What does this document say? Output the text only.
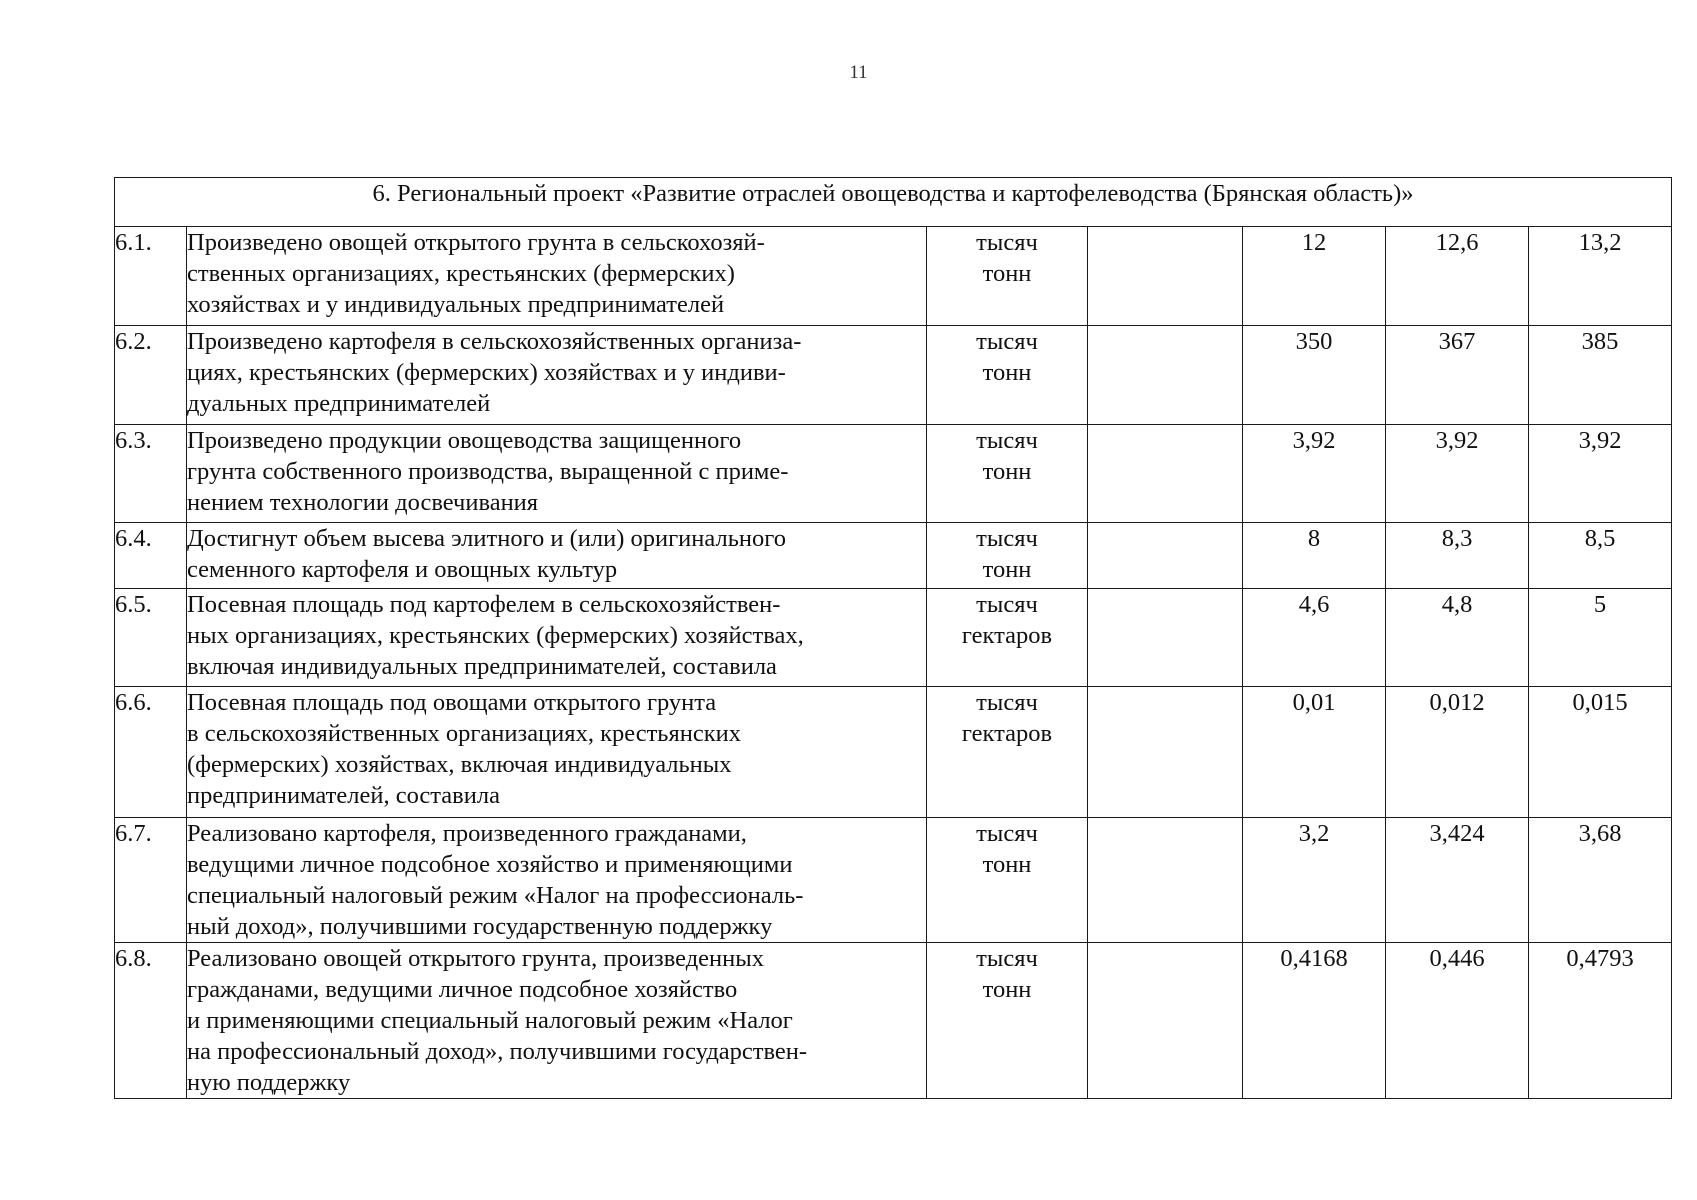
11
6. Региональный проект «Развитие отраслей овощеводства и картофелеводства (Брянская область)»						
6.1.	Произведено овощей открытого грунта в сельскохозяй-
ственных организациях, крестьянских (фермерских)
хозяйствах и у индивидуальных предпринимателей	тысяч
тонн		12	12,6	13,2
6.2.	Произведено картофеля в сельскохозяйственных организа-
циях, крестьянских (фермерских) хозяйствах и у индиви-
дуальных предпринимателей	тысяч
тонн		350	367	385
6.3.	Произведено продукции овощеводства защищенного
грунта собственного производства, выращенной с приме-
нением технологии досвечивания	тысяч
тонн		3,92	3,92	3,92
6.4.	Достигнут объем высева элитного и (или) оригинального
семенного картофеля и овощных культур	тысяч
тонн		8	8,3	8,5
6.5.	Посевная площадь под картофелем в сельскохозяйствен-
ных организациях, крестьянских (фермерских) хозяйствах,
включая индивидуальных предпринимателей, составила	тысяч
гектаров		4,6	4,8	5
6.6.	Посевная площадь под овощами открытого грунта
в сельскохозяйственных организациях, крестьянских
(фермерских) хозяйствах, включая индивидуальных
предпринимателей, составила	тысяч
гектаров		0,01	0,012	0,015
6.7.	Реализовано картофеля, произведенного гражданами,
ведущими личное подсобное хозяйство и применяющими
специальный налоговый режим «Налог на профессиональ-
ный доход», получившими государственную поддержку	тысяч
тонн		3,2	3,424	3,68
6.8.	Реализовано овощей открытого грунта, произведенных
гражданами, ведущими личное подсобное хозяйство
и применяющими специальный налоговый режим «Налог
на профессиональный доход», получившими государствен-
ную поддержку	тысяч
тонн		0,4168	0,446	0,4793
